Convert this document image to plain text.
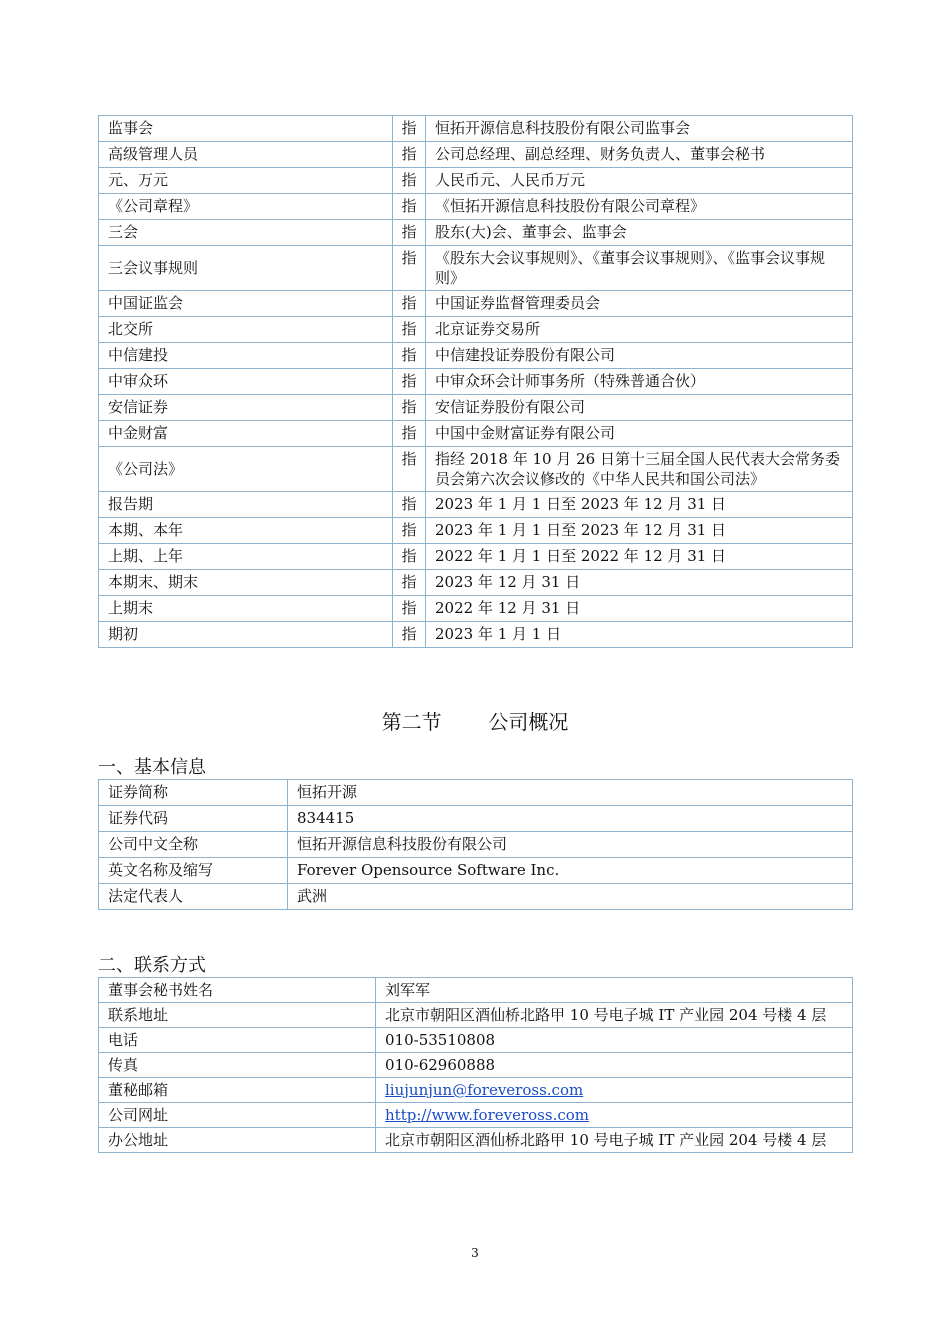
监事会	指	恒拓开源信息科技股份有限公司监事会
高级管理人员	指	公司总经理、副总经理、财务负责人、董事会秘书
元、万元	指	人民币元、人民币万元
《公司章程》	指	《恒拓开源信息科技股份有限公司章程》
三会	指	股东(大)会、董事会、监事会
三会议事规则	指	《股东大会议事规则》、《董事会议事规则》、《监事会议事规则》
中国证监会	指	中国证券监督管理委员会
北交所	指	北京证券交易所
中信建投	指	中信建投证券股份有限公司
中审众环	指	中审众环会计师事务所（特殊普通合伙）
安信证券	指	安信证券股份有限公司
中金财富	指	中国中金财富证券有限公司
《公司法》	指	指经 2018 年 10 月 26 日第十三届全国人民代表大会常务委员会第六次会议修改的《中华人民共和国公司法》
报告期	指	2023 年 1 月 1 日至 2023 年 12 月 31 日
本期、本年	指	2023 年 1 月 1 日至 2023 年 12 月 31 日
上期、上年	指	2022 年 1 月 1 日至 2022 年 12 月 31 日
本期末、期末	指	2023 年 12 月 31 日
上期末	指	2022 年 12 月 31 日
期初	指	2023 年 1 月 1 日
第二节 公司概况
一、基本信息
证券简称	恒拓开源
证券代码	834415
公司中文全称	恒拓开源信息科技股份有限公司
英文名称及缩写	Forever Opensource Software Inc.
法定代表人	武洲
二、联系方式
董事会秘书姓名	刘军军
联系地址	北京市朝阳区酒仙桥北路甲 10 号电子城 IT 产业园 204 号楼 4 层
电话	010-53510808
传真	010-62960888
董秘邮箱	liujunjun@foreveross.com
公司网址	http://www.foreveross.com
办公地址	北京市朝阳区酒仙桥北路甲 10 号电子城 IT 产业园 204 号楼 4 层
3
